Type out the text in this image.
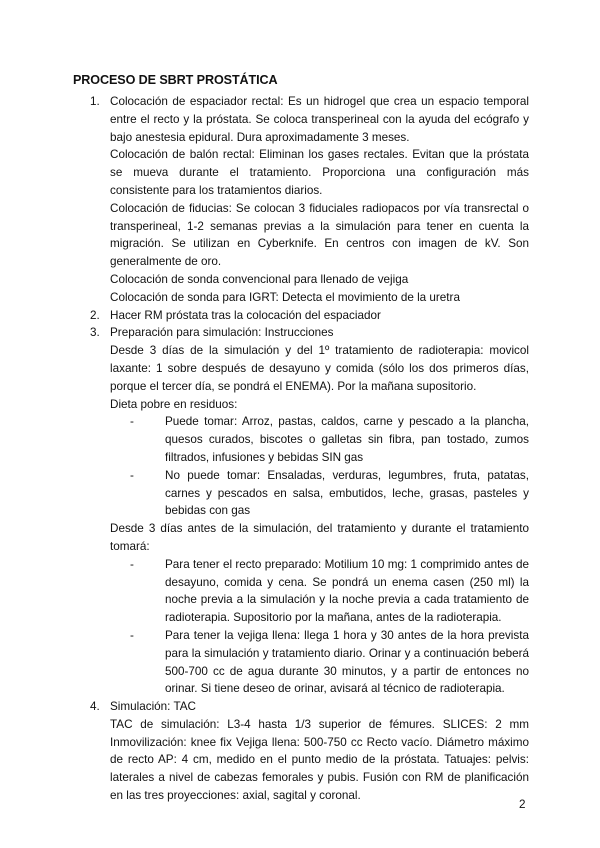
PROCESO DE SBRT PROSTÁTICA
1. Colocación de espaciador rectal: Es un hidrogel que crea un espacio temporal entre el recto y la próstata. Se coloca transperineal con la ayuda del ecógrafo y bajo anestesia epidural. Dura aproximadamente 3 meses.

Colocación de balón rectal: Eliminan los gases rectales. Evitan que la próstata se mueva durante el tratamiento. Proporciona una configuración más consistente para los tratamientos diarios.

Colocación de fiducias: Se colocan 3 fiduciales radiopacos por vía transrectal o transperineal, 1-2 semanas previas a la simulación para tener en cuenta la migración. Se utilizan en Cyberknife. En centros con imagen de kV. Son generalmente de oro.

Colocación de sonda convencional para llenado de vejiga

Colocación de sonda para IGRT: Detecta el movimiento de la uretra

2. Hacer RM próstata tras la colocación del espaciador

3. Preparación para simulación: Instrucciones

Desde 3 días de la simulación y del 1º tratamiento de radioterapia: movicol laxante: 1 sobre después de desayuno y comida (sólo los dos primeros días, porque el tercer día, se pondrá el ENEMA). Por la mañana supositorio.

Dieta pobre en residuos:

-	Puede tomar: Arroz, pastas, caldos, carne y pescado a la plancha, quesos curados, biscotes o galletas sin fibra, pan tostado, zumos filtrados, infusiones y bebidas SIN gas
-	No puede tomar: Ensaladas, verduras, legumbres, fruta, patatas, carnes y pescados en salsa, embutidos, leche, grasas, pasteles y bebidas con gas

Desde 3 días antes de la simulación, del tratamiento y durante el tratamiento tomará:

-	Para tener el recto preparado: Motilium 10 mg: 1 comprimido antes de desayuno, comida y cena. Se pondrá un enema casen (250 ml) la noche previa a la simulación y la noche previa a cada tratamiento de radioterapia. Supositorio por la mañana, antes de la radioterapia.
-	Para tener la vejiga llena: llega 1 hora y 30 antes de la hora prevista para la simulación y tratamiento diario. Orinar y a continuación beberá 500-700 cc de agua durante 30 minutos, y a partir de entonces no orinar. Si tiene deseo de orinar, avisará al técnico de radioterapia.
4. Simulación: TAC

TAC de simulación: L3-4 hasta 1/3 superior de fémures. SLICES: 2 mm Inmovilización: knee fix Vejiga llena: 500-750 cc Recto vacío. Diámetro máximo de recto AP: 4 cm, medido en el punto medio de la próstata. Tatuajes: pelvis: laterales a nivel de cabezas femorales y pubis. Fusión con RM de planificación en las tres proyecciones: axial, sagital y coronal.

2
